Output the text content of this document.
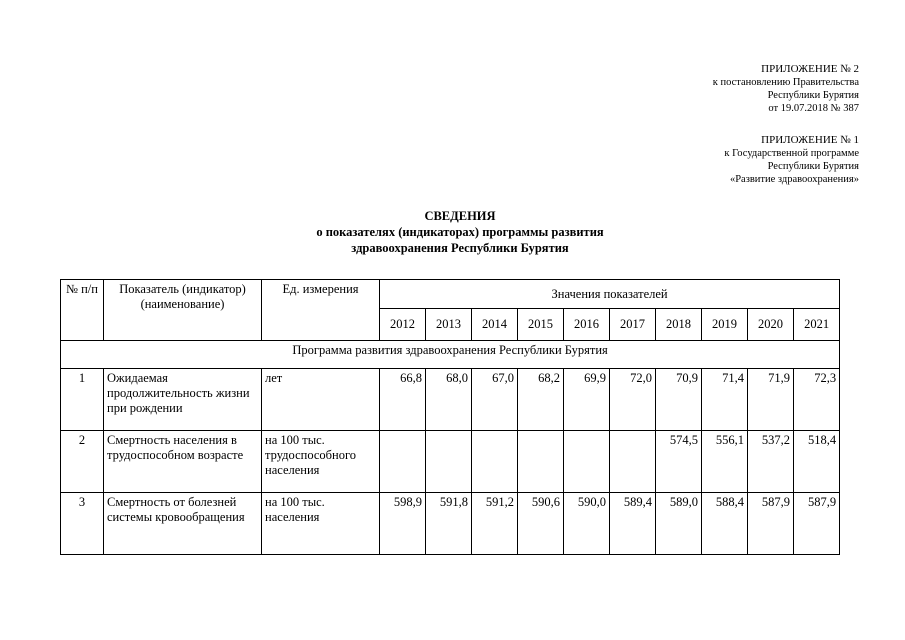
ПРИЛОЖЕНИЕ № 2
к постановлению Правительства
Республики Бурятия
от 19.07.2018 № 387
ПРИЛОЖЕНИЕ № 1
к Государственной программе
Республики Бурятия
«Развитие здравоохранения»
СВЕДЕНИЯ
о показателях (индикаторах) программы развития
здравоохранения Республики Бурятия
№ п/п	Показатель (индикатор) (наименование)	Ед. измерения	Значения показателей									
			2012	2013	2014	2015	2016	2017	2018	2019	2020	2021
Программа развития здравоохранения Республики Бурятия												
1	Ожидаемая продолжительность жизни при рождении	лет	66,8	68,0	67,0	68,2	69,9	72,0	70,9	71,4	71,9	72,3
2	Смертность населения в трудоспособном возрасте	на 100 тыс. трудоспособного населения							574,5	556,1	537,2	518,4
3	Смертность от болезней системы кровообращения	на 100 тыс. населения	598,9	591,8	591,2	590,6	590,0	589,4	589,0	588,4	587,9	587,9
